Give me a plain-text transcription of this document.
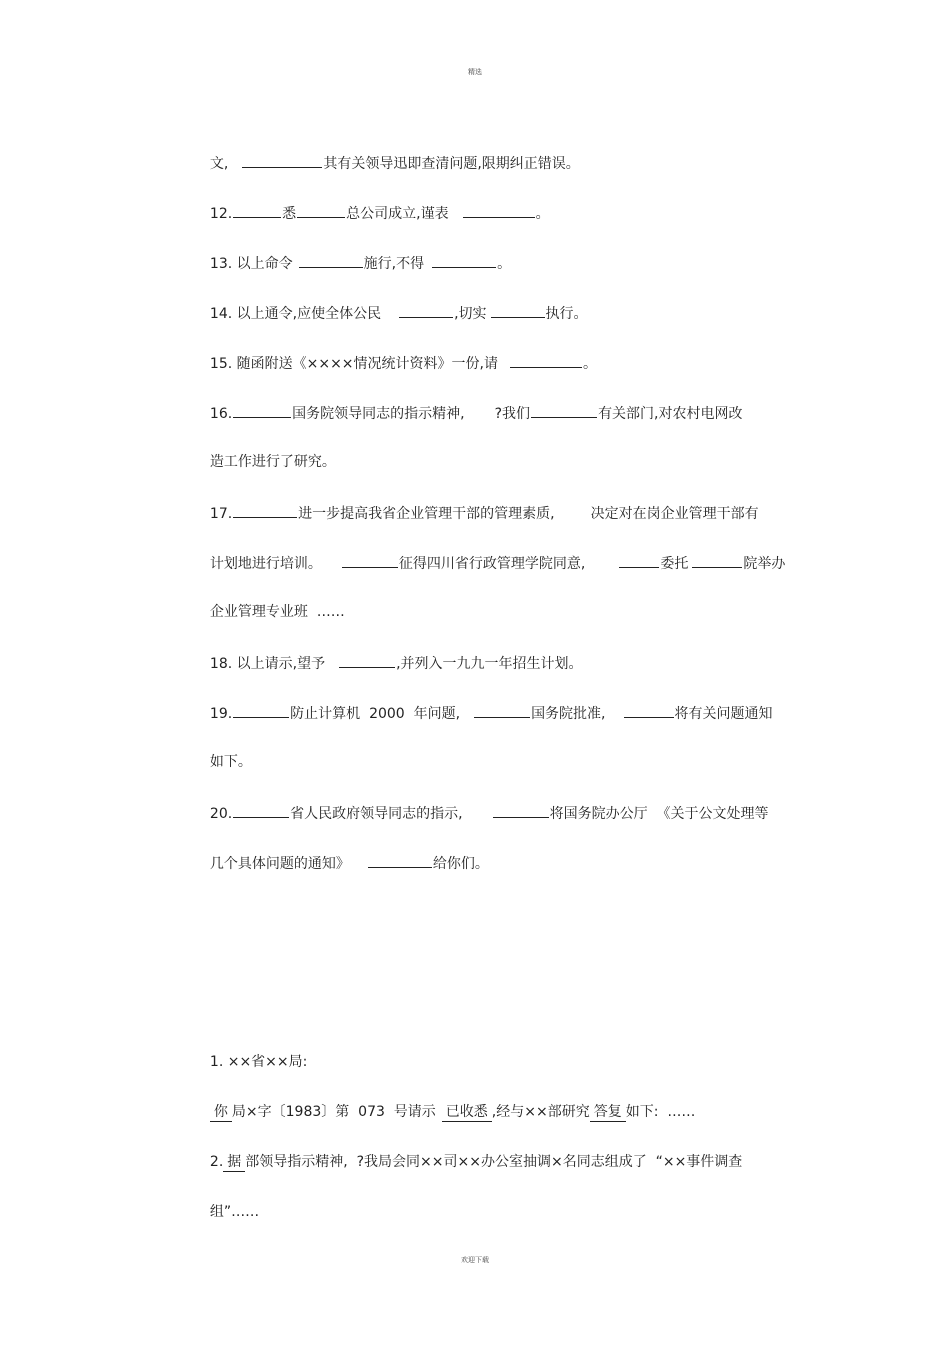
精选

文,	其有关领导迅即查清问题,限期纠正错误。

12.	悉	总公司成立,谨表	。

13. 以上命令	施行,不得	。

14. 以上通令,应使全体公民	,切实	执行。

15. 随函附送《××××情况统计资料》一份,请	。

16.	国务院领导同志的指示精神, ?我们	有关部门,对农村电网改

造工作进行了研究。

17.	进一步提高我省企业管理干部的管理素质,	决定对在岗企业管理干部有

计划地进行培训。	征得四川省行政管理学院同意,	委托	院举办

企业管理专业班  ……

18. 以上请示,望予	,并列入一九九一年招生计划。

19.	防止计算机  2000  年问题,	国务院批准,	将有关问题通知

如下。

20.	省人民政府领导同志的指示,	将国务院办公厅  《关于公文处理等

几个具体问题的通知》	给你们。

1. ××省××局:

你 局×字〔1983〕第  073  号请示 已收悉 ,经与××部研究 答复 如下:  ……

2. 据 部领导指示精神,  ?我局会同××司××办公室抽调×名同志组成了  “××事件调查

组”……

欢迎下载
